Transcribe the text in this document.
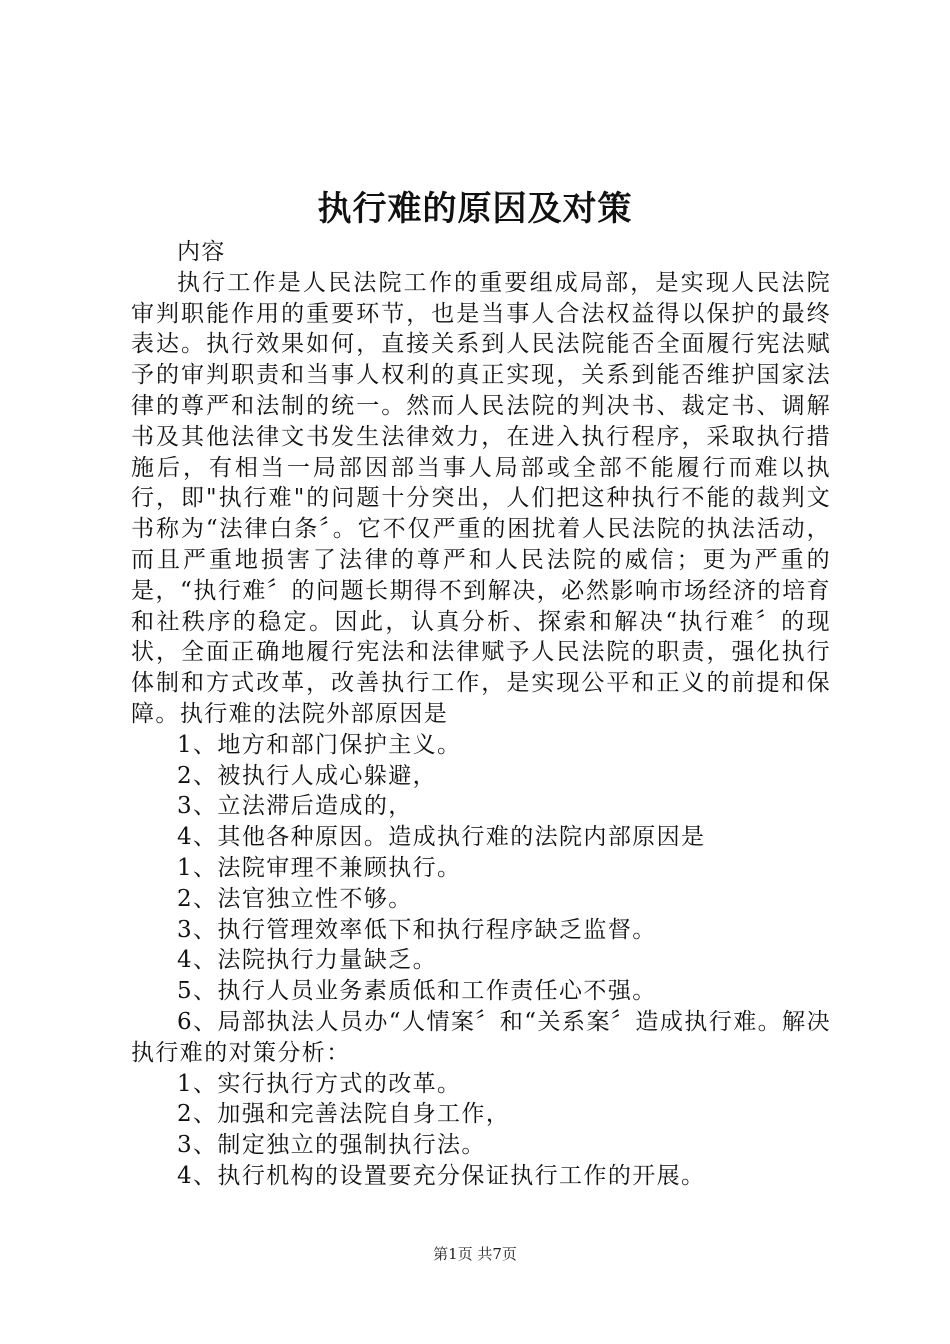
执行难的原因及对策

内容

执行工作是人民法院工作的重要组成局部，是实现人民法院审判职能作用的重要环节，也是当事人合法权益得以保护的最终表达。执行效果如何，直接关系到人民法院能否全面履行宪法赋予的审判职责和当事人权利的真正实现，关系到能否维护国家法律的尊严和法制的统一。然而人民法院的判决书、裁定书、调解书及其他法律文书发生法律效力，在进入执行程序，采取执行措施后，有相当一局部因部当事人局部或全部不能履行而难以执行，即"执行难"的问题十分突出，人们把这种执行不能的裁判文书称为“法律白条〞。它不仅严重的困扰着人民法院的执法活动，而且严重地损害了法律的尊严和人民法院的威信；更为严重的是，“执行难〞的问题长期得不到解决，必然影响市场经济的培育和社秩序的稳定。因此，认真分析、探索和解决“执行难〞的现状，全面正确地履行宪法和法律赋予人民法院的职责，强化执行体制和方式改革，改善执行工作，是实现公平和正义的前提和保障。执行难的法院外部原因是

1、地方和部门保护主义。

2、被执行人成心躲避，

3、立法滞后造成的，

4、其他各种原因。造成执行难的法院内部原因是

1、法院审理不兼顾执行。

2、法官独立性不够。

3、执行管理效率低下和执行程序缺乏监督。

4、法院执行力量缺乏。

5、执行人员业务素质低和工作责任心不强。

6、局部执法人员办“人情案〞和“关系案〞造成执行难。解决执行难的对策分析：

1、实行执行方式的改革。

2、加强和完善法院自身工作，

3、制定独立的强制执行法。

4、执行机构的设置要充分保证执行工作的开展。

第1页 共7页
